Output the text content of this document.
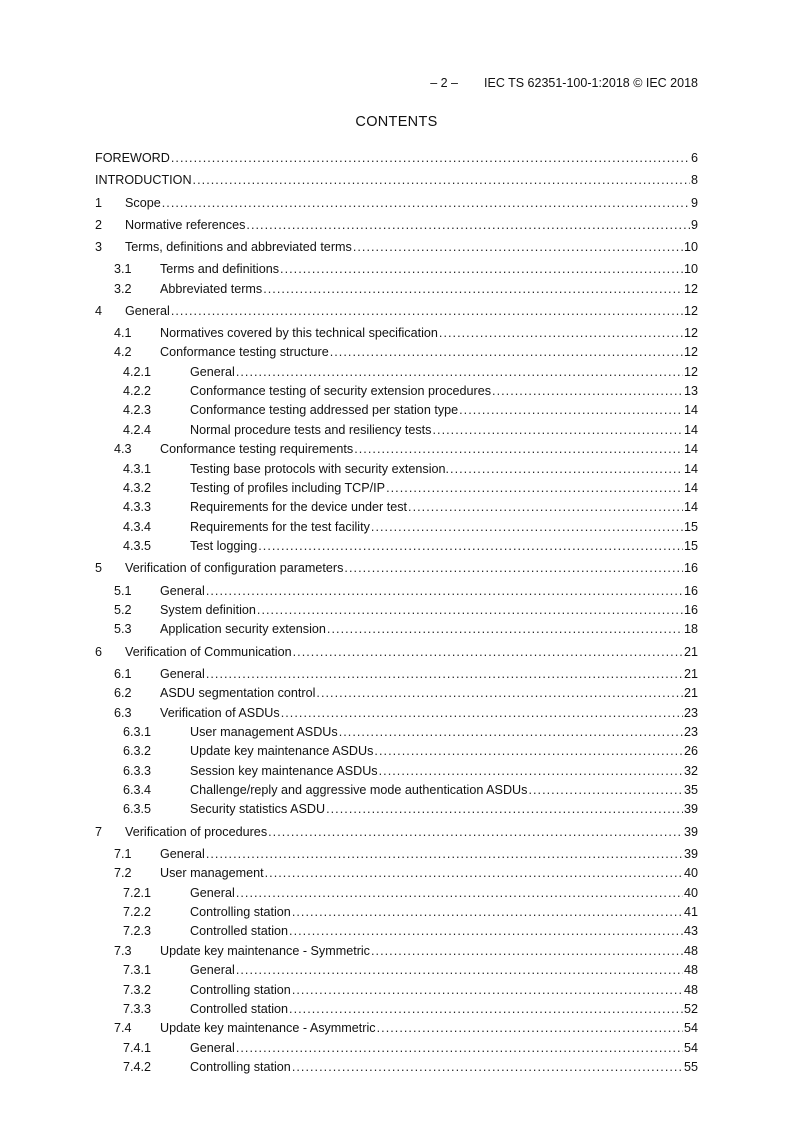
– 2 – IEC TS 62351-100-1:2018 © IEC 2018
CONTENTS
FOREWORD .....	6
INTRODUCTION .....	8
1 Scope .....	9
2 Normative references .....	9
3 Terms, definitions and abbreviated terms .....	10
3.1 Terms and definitions .....	10
3.2 Abbreviated terms .....	12
4 General .....	12
4.1 Normatives covered by this technical specification .....	12
4.2 Conformance testing structure .....	12
4.2.1	General .....	12
4.2.2	Conformance testing of security extension procedures .....	13
4.2.3	Conformance testing addressed per station type .....	14
4.2.4	Normal procedure tests and resiliency tests .....	14
4.3 Conformance testing requirements .....	14
4.3.1	Testing base protocols with security extension. .....	14
4.3.2	Testing of profiles including TCP/IP .....	14
4.3.3	Requirements for the device under test .....	14
4.3.4	Requirements for the test facility .....	15
4.3.5	Test logging .....	15
5 Verification of configuration parameters .....	16
5.1 General .....	16
5.2 System definition .....	16
5.3 Application security extension .....	18
6 Verification of Communication .....	21
6.1 General .....	21
6.2 ASDU segmentation control .....	21
6.3 Verification of ASDUs .....	23
6.3.1	User management ASDUs .....	23
6.3.2	Update key maintenance ASDUs .....	26
6.3.3	Session key maintenance ASDUs .....	32
6.3.4	Challenge/reply and aggressive mode authentication ASDUs .....	35
6.3.5	Security statistics ASDU .....	39
7 Verification of procedures .....	39
7.1 General .....	39
7.2 User management .....	40
7.2.1	General .....	40
7.2.2	Controlling station .....	41
7.2.3	Controlled station .....	43
7.3 Update key maintenance - Symmetric .....	48
7.3.1	General .....	48
7.3.2	Controlling station .....	48
7.3.3	Controlled station .....	52
7.4 Update key maintenance - Asymmetric .....	54
7.4.1	General .....	54
7.4.2	Controlling station .....	55
